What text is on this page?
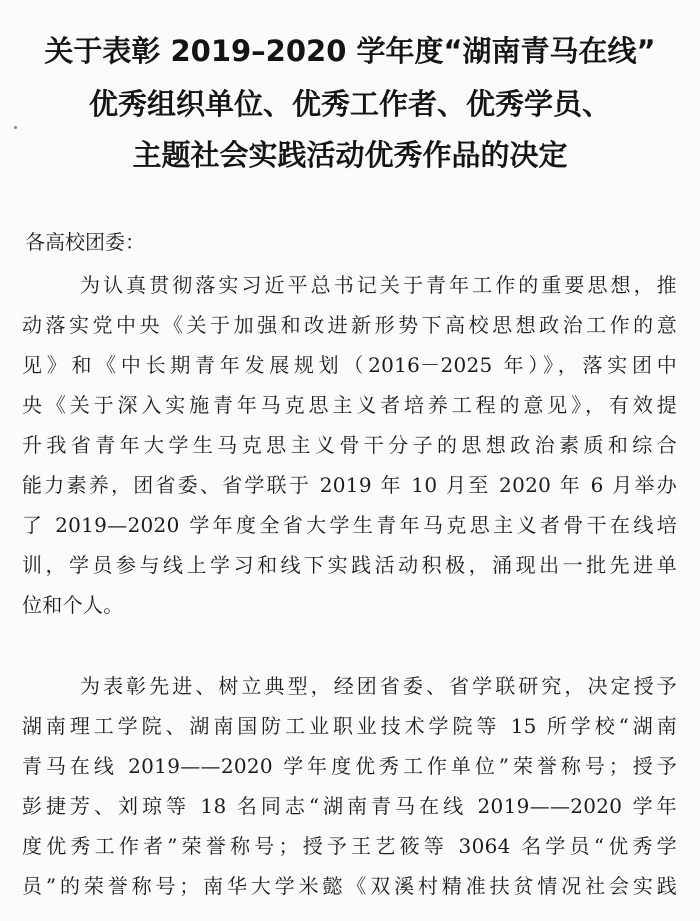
关于表彰 2019–2020 学年度“湖南青马在线”
优秀组织单位、优秀工作者、优秀学员、
主题社会实践活动优秀作品的决定
各高校团委：
为认真贯彻落实习近平总书记关于青年工作的重要思想，推
动落实党中央《关于加强和改进新形势下高校思想政治工作的意
见》和《中长期青年发展规划（2016－2025 年）》，落实团中
央《关于深入实施青年马克思主义者培养工程的意见》，有效提
升我省青年大学生马克思主义骨干分子的思想政治素质和综合
能力素养，团省委、省学联于 2019 年 10 月至 2020 年 6 月举办
了 2019—2020 学年度全省大学生青年马克思主义者骨干在线培
训，学员参与线上学习和线下实践活动积极，涌现出一批先进单
位和个人。
为表彰先进、树立典型，经团省委、省学联研究，决定授予
湖南理工学院、湖南国防工业职业技术学院等 15 所学校“湖南
青马在线 2019——2020 学年度优秀工作单位”荣誉称号；授予
彭捷芳、刘琼等 18 名同志“湖南青马在线 2019——2020 学年
度优秀工作者”荣誉称号；授予王艺筱等 3064 名学员“优秀学
员”的荣誉称号；南华大学米懿《双溪村精准扶贫情况社会实践
